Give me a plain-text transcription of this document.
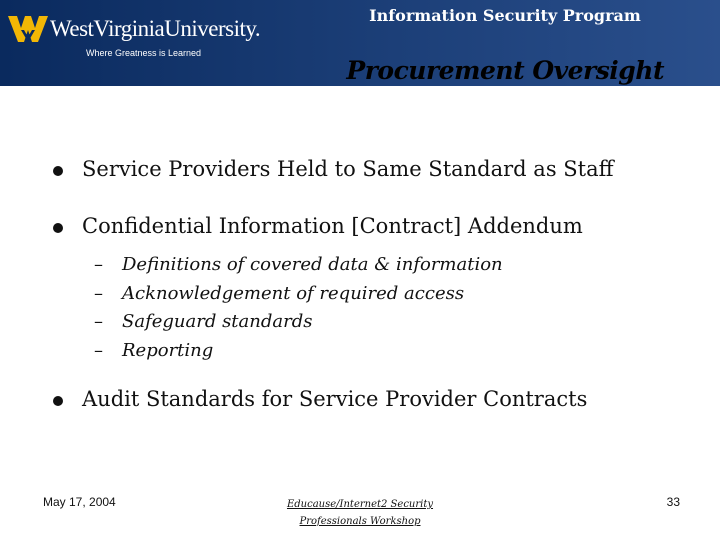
WestVirginiaUniversity.
Where Greatness is Learned
Information Security Program
Procurement Oversight
Service Providers Held to Same Standard as Staff
Confidential Information [Contract] Addendum
– Definitions of covered data & information
– Acknowledgement of required access
– Safeguard standards
– Reporting
Audit Standards for Service Provider Contracts
May 17, 2004	Educause/Internet2 Security
Professionals Workshop
33
